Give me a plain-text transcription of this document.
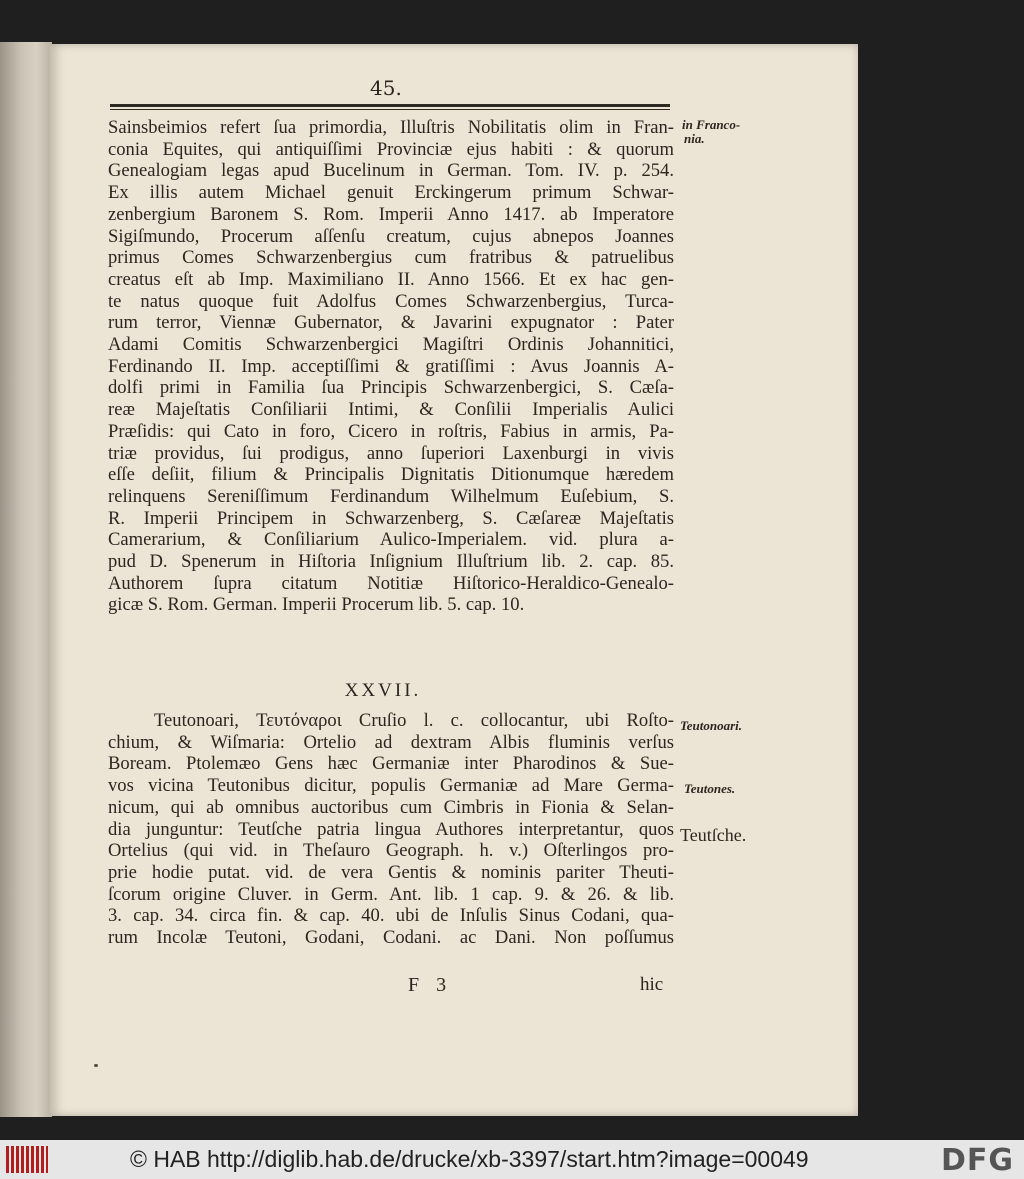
45.
Sainsbeimios refert ſua primordia, Illuſtris Nobilitatis olim in Fran-
conia Equites, qui antiquiſſimi Provinciæ ejus habiti : & quorum
Genealogiam legas apud Bucelinum in German. Tom. IV. p. 254.
Ex illis autem Michael genuit Erckingerum primum Schwar-
zenbergium Baronem S. Rom. Imperii Anno 1417. ab Imperatore
Sigiſmundo, Procerum aſſenſu creatum, cujus abnepos Joannes
primus Comes Schwarzenbergius cum fratribus & patruelibus
creatus eſt ab Imp. Maximiliano II. Anno 1566. Et ex hac gen-
te natus quoque fuit Adolfus Comes Schwarzenbergius, Turca-
rum terror, Viennæ Gubernator, & Javarini expugnator : Pater
Adami Comitis Schwarzenbergici Magiſtri Ordinis Johannitici,
Ferdinando II. Imp. acceptiſſimi & gratiſſimi : Avus Joannis A-
dolfi primi in Familia ſua Principis Schwarzenbergici, S. Cæſa-
reæ Majeſtatis Conſiliarii Intimi, & Conſilii Imperialis Aulici
Præſidis: qui Cato in foro, Cicero in roſtris, Fabius in armis, Pa-
triæ providus, ſui prodigus, anno ſuperiori Laxenburgi in vivis
eſſe deſiit, filium & Principalis Dignitatis Ditionumque hæredem
relinquens Sereniſſimum Ferdinandum Wilhelmum Euſebium, S.
R. Imperii Principem in Schwarzenberg, S. Cæſareæ Majeſtatis
Camerarium, & Conſiliarium Aulico-Imperialem. vid. plura a-
pud D. Spenerum in Hiſtoria Inſignium Illuſtrium lib. 2. cap. 85.
Authorem ſupra citatum Notitiæ Hiſtorico-Heraldico-Genealo-
gicæ S. Rom. German. Imperii Procerum lib. 5. cap. 10.
XXVII.
Teutonoari, Τευτόναροι Cruſio l. c. collocantur, ubi Roſto-
chium, & Wiſmaria: Ortelio ad dextram Albis fluminis verſus
Boream. Ptolemæo Gens hæc Germaniæ inter Pharodinos & Sue-
vos vicina Teutonibus dicitur, populis Germaniæ ad Mare Germa-
nicum, qui ab omnibus auctoribus cum Cimbris in Fionia & Selan-
dia junguntur: Teutſche patria lingua Authores interpretantur, quos
Ortelius (qui vid. in Theſauro Geograph. h. v.) Oſterlingos pro-
prie hodie putat. vid. de vera Gentis & nominis pariter Theuti-
ſcorum origine Cluver. in Germ. Ant. lib. 1 cap. 9. & 26. & lib.
3. cap. 34. circa fin. & cap. 40. ubi de Inſulis Sinus Codani, qua-
rum Incolæ Teutoni, Godani, Codani. ac Dani. Non poſſumus
in Franco-
nia.
Teutonoari.
Teutones.
Teutſche.
F 3	hic
© HAB http://diglib.hab.de/drucke/xb-3397/start.htm?image=00049	DFG
